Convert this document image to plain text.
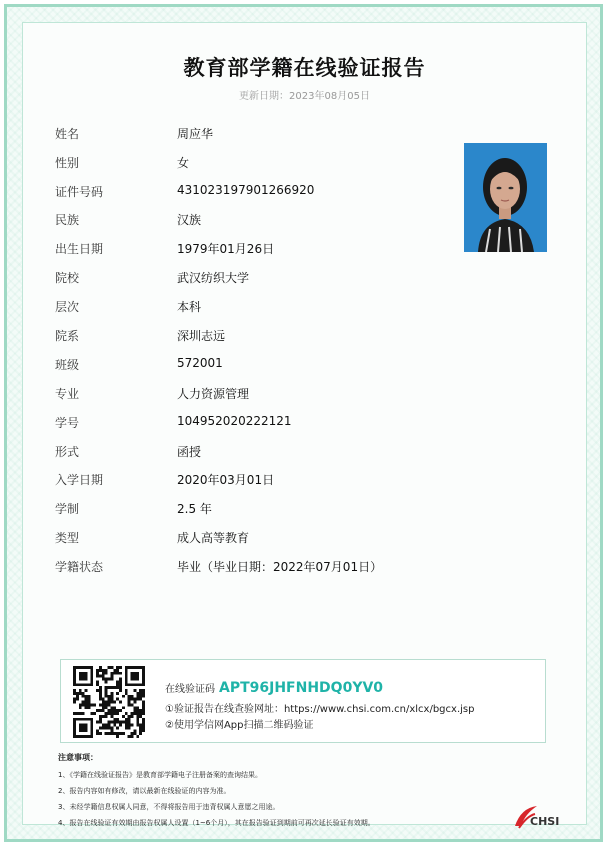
教育部学籍在线验证报告
更新日期：2023年08月05日
姓名	周应华
性别	女
证件号码	431023197901266920
民族	汉族
出生日期	1979年01月26日
院校	武汉纺织大学
层次	本科
院系	深圳志远
班级	572001
专业	人力资源管理
学号	104952020222121
形式	函授
入学日期	2020年03月01日
学制	2.5 年
类型	成人高等教育
学籍状态	毕业（毕业日期：2022年07月01日）
在线验证码 APT96JHFNHDQ0YV0
①验证报告在线查验网址：https://www.chsi.com.cn/xlcx/bgcx.jsp
②使用学信网App扫描二维码验证
注意事项：
1、《学籍在线验证报告》是教育部学籍电子注册备案的查询结果。
2、报告内容如有修改，请以最新在线验证的内容为准。
3、未经学籍信息权属人同意，不得将报告用于违背权属人意愿之用途。
4、报告在线验证有效期由报告权属人设置（1~6个月），其在报告验证到期前可再次延长验证有效期。	CHSI
